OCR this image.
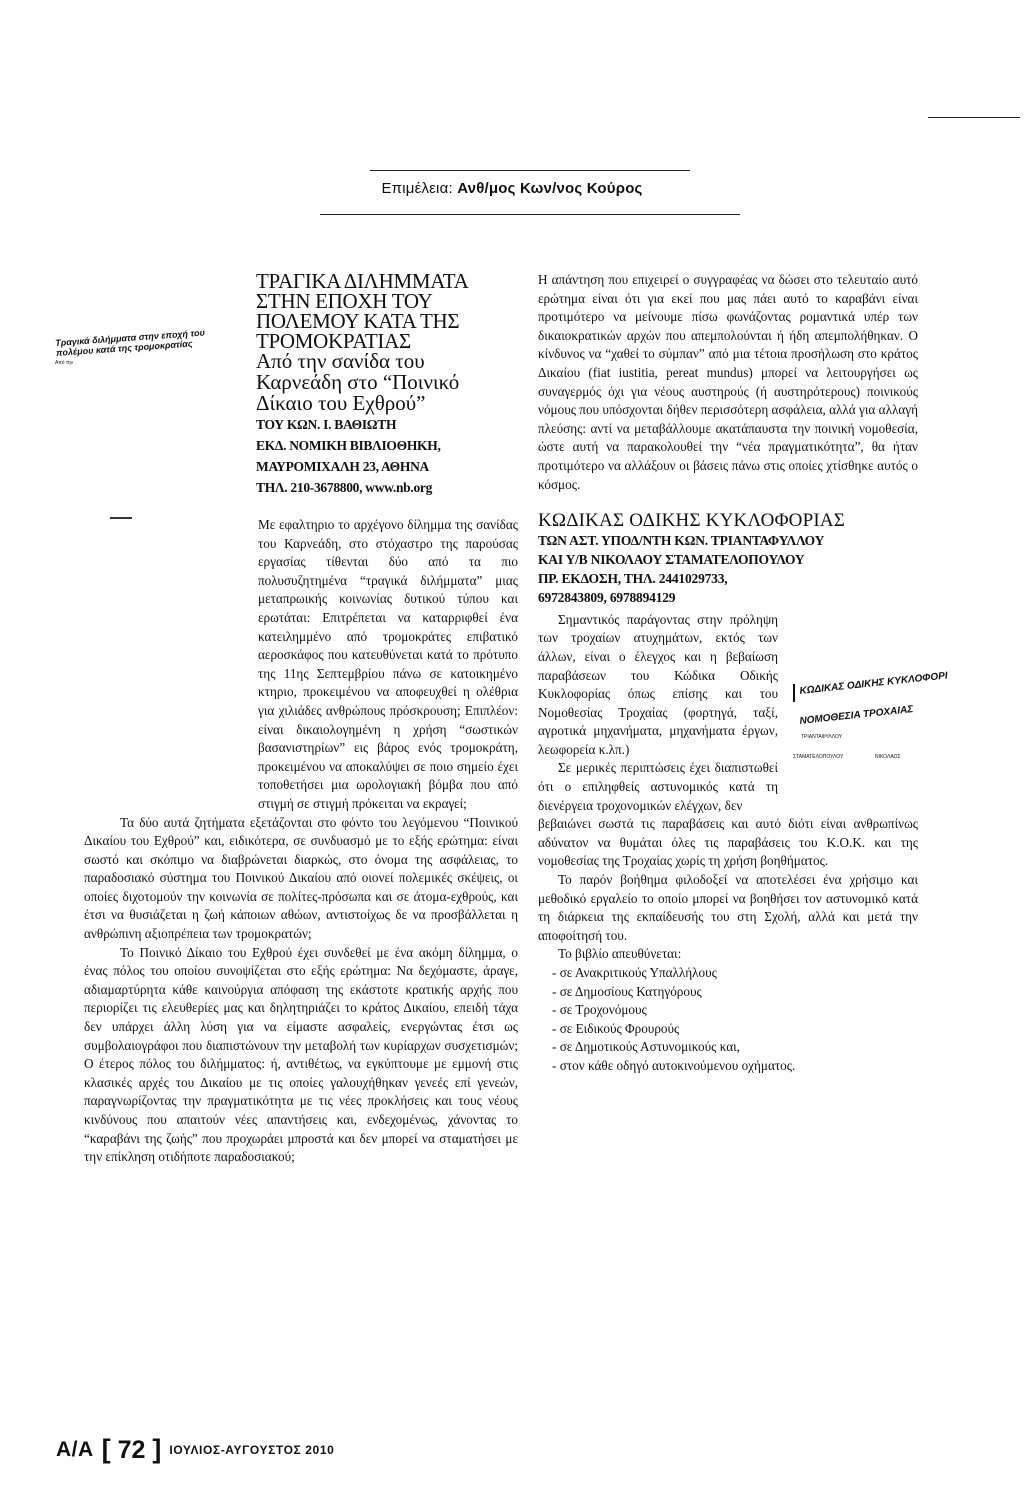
Επιμέλεια: Ανθ/μος Κων/νος Κούρος
Τραγικά διλήμματα στην εποχή του πολέμου κατά της τρομοκρατίας
Από την
ΤΡΑΓΙΚΑ ΔΙΛΗΜΜΑΤΑ
ΣΤΗΝ ΕΠΟΧΗ ΤΟΥ
ΠΟΛΕΜΟΥ ΚΑΤΑ ΤΗΣ
ΤΡΟΜΟΚΡΑΤΙΑΣ
Από την σανίδα του
Καρνεάδη στο “Ποινικό
Δίκαιο του Εχθρού”
ΤΟΥ ΚΩΝ. Ι. ΒΑΘΙΩΤΗ
ΕΚΔ. ΝΟΜΙΚΗ ΒΙΒΛΙΟΘΗΚΗ,
ΜΑΥΡΟΜΙΧΑΛΗ 23, ΑΘΗΝΑ
ΤΗΛ. 210-3678800, www.nb.org

Με εφαλτηριο το αρχέγονο δίλημμα της σανίδας του Καρνεάδη, στο στόχαστρο της παρούσας εργασίας τίθενται δύο από τα πιο πολυσυζητημένα “τραγικά διλήμματα” μιας μεταπρωικής κοινωνίας δυτικού τύπου και ερωτάται: Επιτρέπεται να καταρριφθεί ένα κατειλημμένο από τρομοκράτες επιβατικό αεροσκάφος που κατευθύνεται κατά το πρότυπο της 11ης Σεπτεμβρίου πάνω σε κατοικημένο κτηριο, προκειμένου να αποφευχθεί η ολέθρια για χιλιάδες ανθρώπους πρόσκρουση; Επιπλέον: είναι δικαιολογημένη η χρήση “σωστικών βασανιστηρίων” εις βάρος ενός τρομοκράτη, προκειμένου να αποκαλύψει σε ποιο σημείο έχει τοποθετήσει μια ωρολογιακή βόμβα που από στιγμή σε στιγμή πρόκειται να εκραγεί;

Τα δύο αυτά ζητήματα εξετάζονται στο φόντο του λεγόμενου “Ποινικού Δικαίου του Εχθρού” και, ειδικότερα, σε συνδυασμό με το εξής ερώτημα: είναι σωστό και σκόπιμο να διαβρώνεται διαρκώς, στο όνομα της ασφάλειας, το παραδοσιακό σύστημα του Ποινικού Δικαίου από οιονεί πολεμικές σκέψεις, οι οποίες διχοτομούν την κοινωνία σε πολίτες-πρόσωπα και σε άτομα-εχθρούς, και έτσι να θυσιάζεται η ζωή κάποιων αθώων, αντιστοίχως δε να προσβάλλεται η ανθρώπινη αξιοπρέπεια των τρομοκρατών;

Το Ποινικό Δίκαιο του Εχθρού έχει συνδεθεί με ένα ακόμη δίλημμα, ο ένας πόλος του οποίου συνοψίζεται στο εξής ερώτημα: Να δεχόμαστε, άραγε, αδιαμαρτύρητα κάθε καινούργια απόφαση της εκάστοτε κρατικής αρχής που περιορίζει τις ελευθερίες μας και δηλητηριάζει το κράτος Δικαίου, επειδή τάχα δεν υπάρχει άλλη λύση για να είμαστε ασφαλείς, ενεργώντας έτσι ως συμβολαιογράφοι που διαπιστώνουν την μεταβολή των κυρίαρχων συσχετισμών; Ο έτερος πόλος του διλήμματος: ή, αντιθέτως, να εγκύπτουμε με εμμονή στις κλασικές αρχές του Δικαίου με τις οποίες γαλουχήθηκαν γενεές επί γενεών, παραγνωρίζοντας την πραγματικότητα με τις νέες προκλήσεις και τους νέους κινδύνους που απαιτούν νέες απαντήσεις και, ενδεχομένως, χάνοντας το “καραβάνι της ζωής” που προχωράει μπροστά και δεν μπορεί να σταματήσει με την επίκληση οτιδήποτε παραδοσιακού;

Η απάντηση που επιχειρεί ο συγγραφέας να δώσει στο τελευταίο αυτό ερώτημα είναι ότι για εκεί που μας πάει αυτό το καραβάνι είναι προτιμότερο να μείνουμε πίσω φωνάζοντας ρομαντικά υπέρ των δικαιοκρατικών αρχών που απεμπολούνται ή ήδη απεμπολήθηκαν. Ο κίνδυνος να “χαθεί το σύμπαν” από μια τέτοια προσήλωση στο κράτος Δικαίου (fiat iustitia, pereat mundus) μπορεί να λειτουργήσει ως συναγερμός όχι για νέους αυστηρούς (ή αυστηρότερους) ποινικούς νόμους που υπόσχονται δήθεν περισσότερη ασφάλεια, αλλά για αλλαγή πλεύσης: αντί να μεταβάλλουμε ακατάπαυστα την ποινική νομοθεσία, ώστε αυτή να παρακολουθεί την “νέα πραγματικότητα”, θα ήταν προτιμότερο να αλλάξουν οι βάσεις πάνω στις οποίες χτίσθηκε αυτός ο κόσμος.

ΚΩΔΙΚΑΣ ΟΔΙΚΗΣ ΚΥΚΛΟΦΟΡΙΑΣ
ΤΩΝ ΑΣΤ. ΥΠΟΔ/ΝΤΗ ΚΩΝ. ΤΡΙΑΝΤΑΦΥΛΛΟΥ
ΚΑΙ Υ/Β ΝΙΚΟΛΑΟΥ ΣΤΑΜΑΤΕΛΟΠΟΥΛΟΥ
ΠΡ. ΕΚΔΟΣΗ, ΤΗΛ. 2441029733,
6972843809, 6978894129

Σημαντικός παράγοντας στην πρόληψη των τροχαίων ατυχημάτων, εκτός των άλλων, είναι ο έλεγχος και η βεβαίωση παραβάσεων του Κώδικα Οδικής Κυκλοφορίας όπως επίσης και του Νομοθεσίας Τροχαίας (φορτηγά, ταξί, αγροτικά μηχανήματα, μηχανήματα έργων, λεωφορεία κ.λπ.)

Σε μερικές περιπτώσεις έχει διαπιστωθεί ότι ο επιληφθείς αστυνομικός κατά τη διενέργεια τροχονομικών ελέγχων, δεν

βεβαιώνει σωστά τις παραβάσεις και αυτό διότι είναι ανθρωπίνως αδύνατον να θυμάται όλες τις παραβάσεις του Κ.Ο.Κ. και της νομοθεσίας της Τροχαίας χωρίς τη χρήση βοηθήματος.

Το παρόν βοήθημα φιλοδοξεί να αποτελέσει ένα χρήσιμο και μεθοδικό εργαλείο το οποίο μπορεί να βοηθήσει τον αστυνομικό κατά τη διάρκεια της εκπαίδευσής του στη Σχολή, αλλά και μετά την αποφοίτησή του.

Το βιβλίο απευθύνεται:

- σε Ανακριτικούς Υπαλλήλους
- σε Δημοσίους Κατηγόρους
- σε Τροχονόμους
- σε Ειδικούς Φρουρούς
- σε Δημοτικούς Αστυνομικούς και,
- στον κάθε οδηγό αυτοκινούμενου οχήματος.
ΚΩΔΙΚΑΣ ΟΔΙΚΗΣ ΚΥΚΛΟΦΟΡΙ
ΝΟΜΟΘΕΣΙΑ ΤΡΟΧΑΙΑΣ
ΤΡΙΑΝΤΑΦΥΛΛΟΥ
ΣΤΑΜΑΤΕΛΟΠΟΥΛΟΥ	ΝΙΚΟΛΑΟΣ
Α/Α [ 72 ] ΙΟΥΛΙΟΣ-ΑΥΓΟΥΣΤΟΣ 2010
